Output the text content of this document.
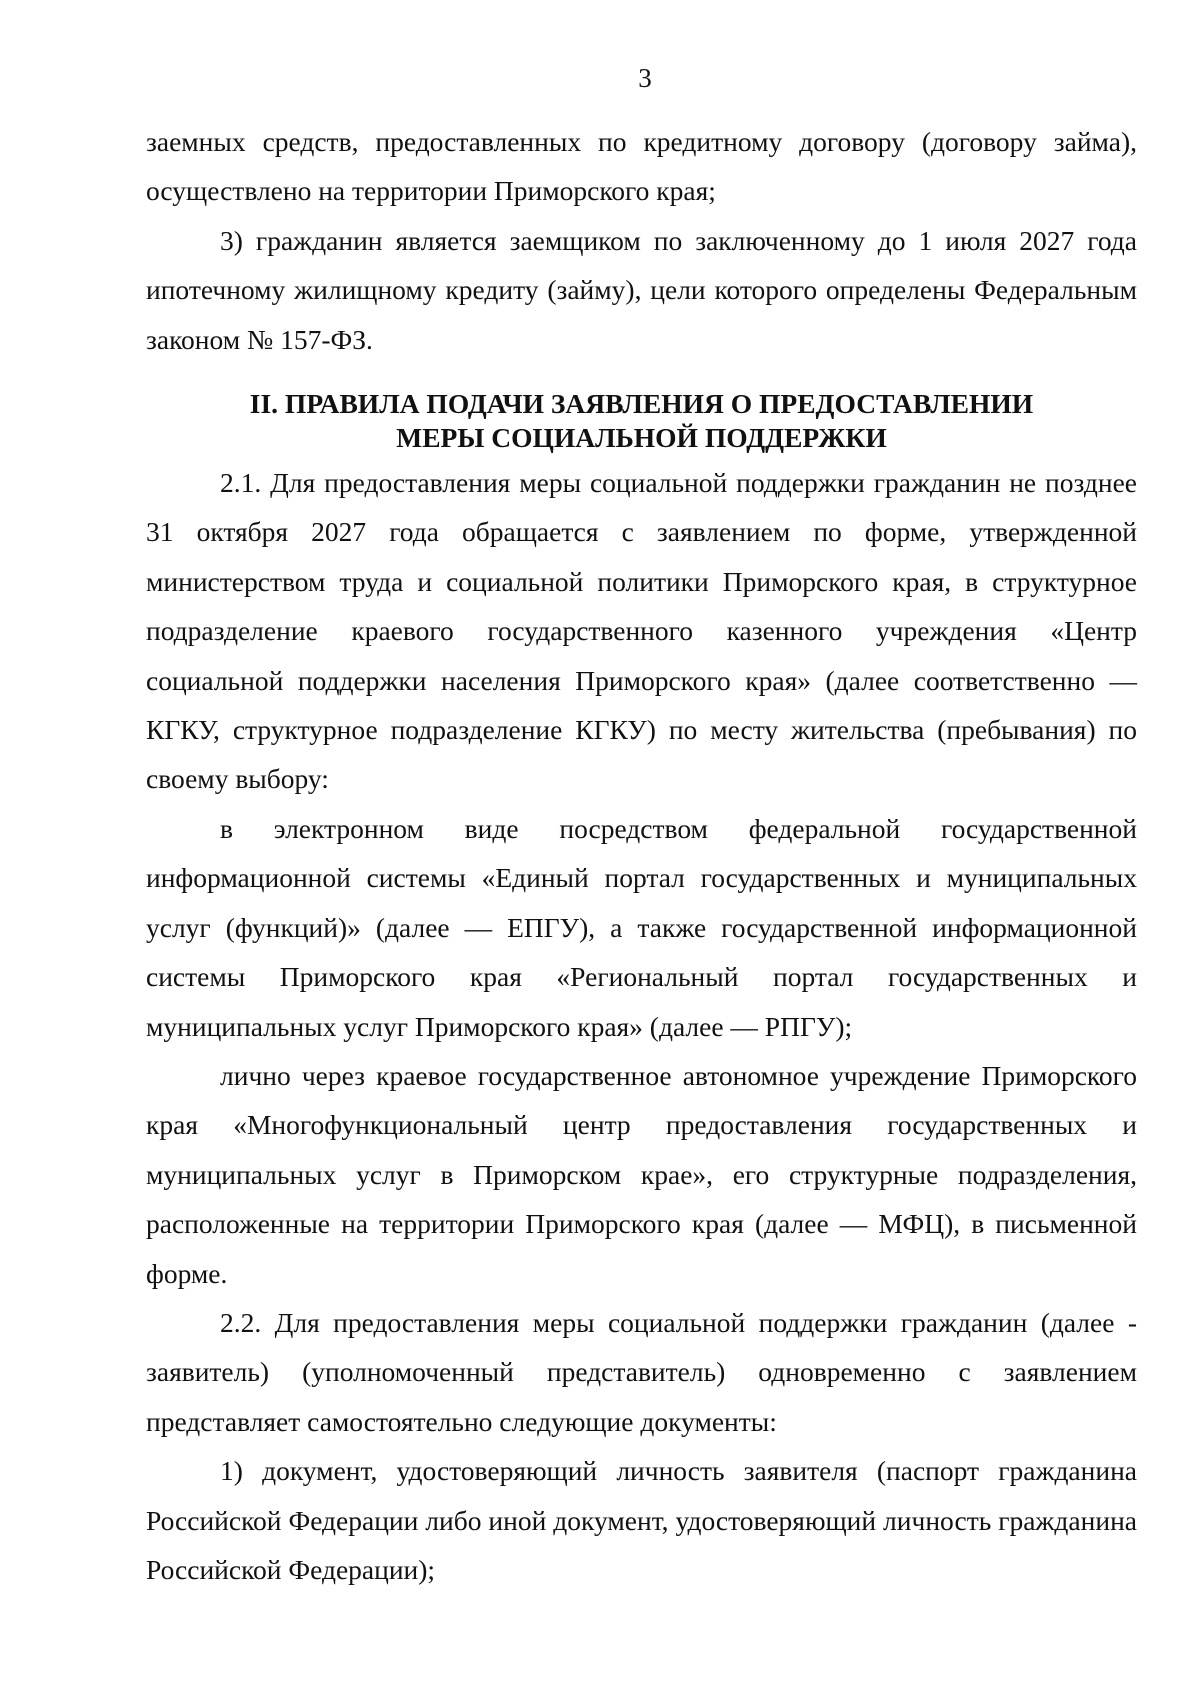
3

заемных средств, предоставленных по кредитному договору (договору займа), осуществлено на территории Приморского края;

3) гражданин является заемщиком по заключенному до 1 июля 2027 года ипотечному жилищному кредиту (займу), цели которого определены Федеральным законом № 157-ФЗ.

II. ПРАВИЛА ПОДАЧИ ЗАЯВЛЕНИЯ О ПРЕДОСТАВЛЕНИИ
МЕРЫ СОЦИАЛЬНОЙ ПОДДЕРЖКИ

2.1. Для предоставления меры социальной поддержки гражданин не позднее 31 октября 2027 года обращается с заявлением по форме, утвержденной министерством труда и социальной политики Приморского края, в структурное подразделение краевого государственного казенного учреждения «Центр социальной поддержки населения Приморского края» (далее соответственно — КГКУ, структурное подразделение КГКУ) по месту жительства (пребывания) по своему выбору:

в электронном виде посредством федеральной государственной информационной системы «Единый портал государственных и муниципальных услуг (функций)» (далее — ЕПГУ), а также государственной информационной системы Приморского края «Региональный портал государственных и муниципальных услуг Приморского края» (далее — РПГУ);

лично через краевое государственное автономное учреждение Приморского края «Многофункциональный центр предоставления государственных и муниципальных услуг в Приморском крае», его структурные подразделения, расположенные на территории Приморского края (далее — МФЦ), в письменной форме.

2.2. Для предоставления меры социальной поддержки гражданин (далее - заявитель) (уполномоченный представитель) одновременно с заявлением представляет самостоятельно следующие документы:

1) документ, удостоверяющий личность заявителя (паспорт гражданина Российской Федерации либо иной документ, удостоверяющий личность гражданина Российской Федерации);
